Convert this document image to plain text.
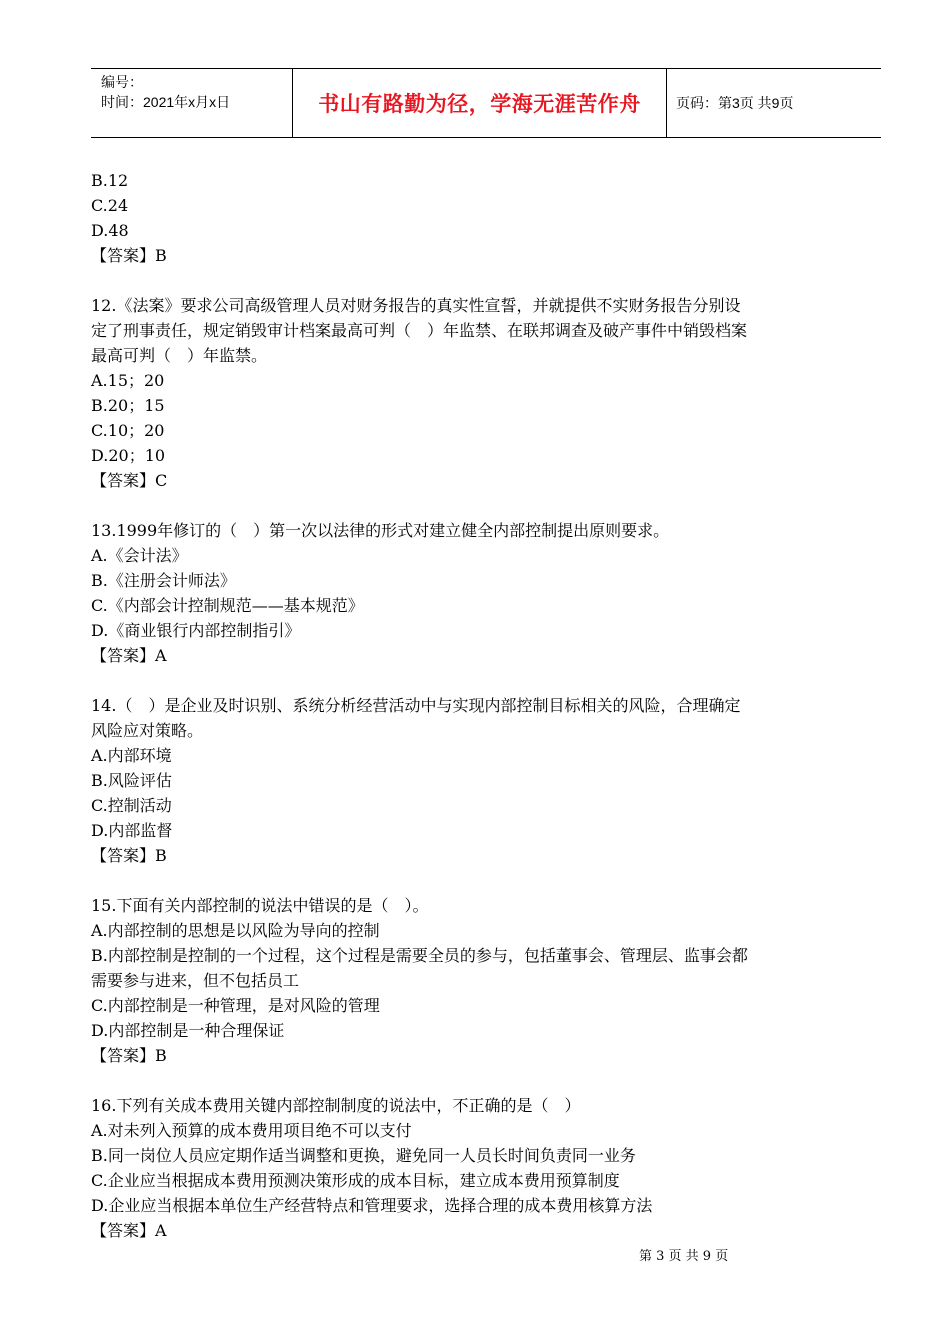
编号：
时间：2021年x月x日	书山有路勤为径，学海无涯苦作舟	页码：第3页 共9页
B.12
C.24
D.48
【答案】B
12.《法案》要求公司高级管理人员对财务报告的真实性宣誓，并就提供不实财务报告分别设
定了刑事责任，规定销毁审计档案最高可判（　）年监禁、在联邦调查及破产事件中销毁档案
最高可判（　）年监禁。
A.15；20
B.20；15
C.10；20
D.20；10
【答案】C
13.1999年修订的（　）第一次以法律的形式对建立健全内部控制提出原则要求。
A.《会计法》
B.《注册会计师法》
C.《内部会计控制规范——基本规范》
D.《商业银行内部控制指引》
【答案】A
14.（　）是企业及时识别、系统分析经营活动中与实现内部控制目标相关的风险，合理确定
风险应对策略。
A.内部环境
B.风险评估
C.控制活动
D.内部监督
【答案】B
15.下面有关内部控制的说法中错误的是（　）。
A.内部控制的思想是以风险为导向的控制
B.内部控制是控制的一个过程，这个过程是需要全员的参与，包括董事会、管理层、监事会都
需要参与进来，但不包括员工
C.内部控制是一种管理，是对风险的管理
D.内部控制是一种合理保证
【答案】B
16.下列有关成本费用关键内部控制制度的说法中，不正确的是（　）
A.对未列入预算的成本费用项目绝不可以支付
B.同一岗位人员应定期作适当调整和更换，避免同一人员长时间负责同一业务
C.企业应当根据成本费用预测决策形成的成本目标，建立成本费用预算制度
D.企业应当根据本单位生产经营特点和管理要求，选择合理的成本费用核算方法
【答案】A
第 3 页 共 9 页
